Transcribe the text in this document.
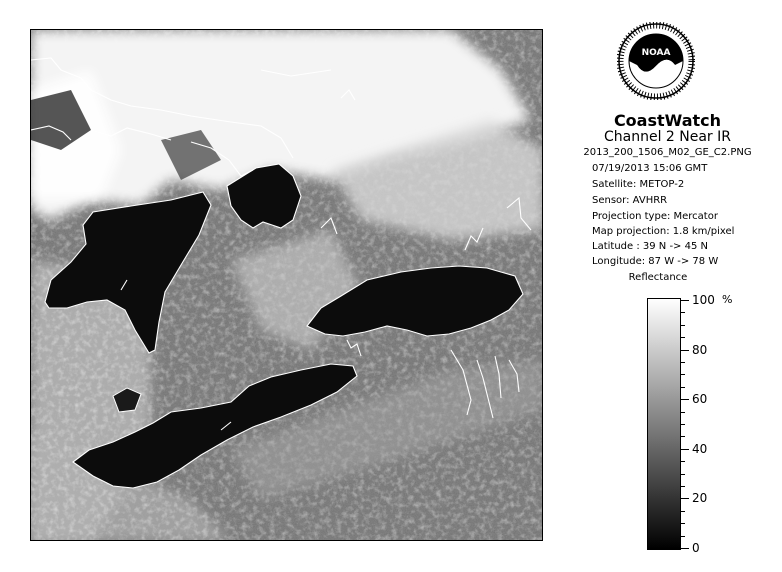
NOAA
CoastWatch
Channel 2 Near IR
2013_200_1506_M02_GE_C2.PNG
07/19/2013 15:06 GMT
Satellite: METOP-2
Sensor: AVHRR
Projection type: Mercator
Map projection: 1.8 km/pixel
Latitude : 39 N -> 45 N
Longitude: 87 W -> 78 W
Reflectance
%
100
80
60
40
20
0
